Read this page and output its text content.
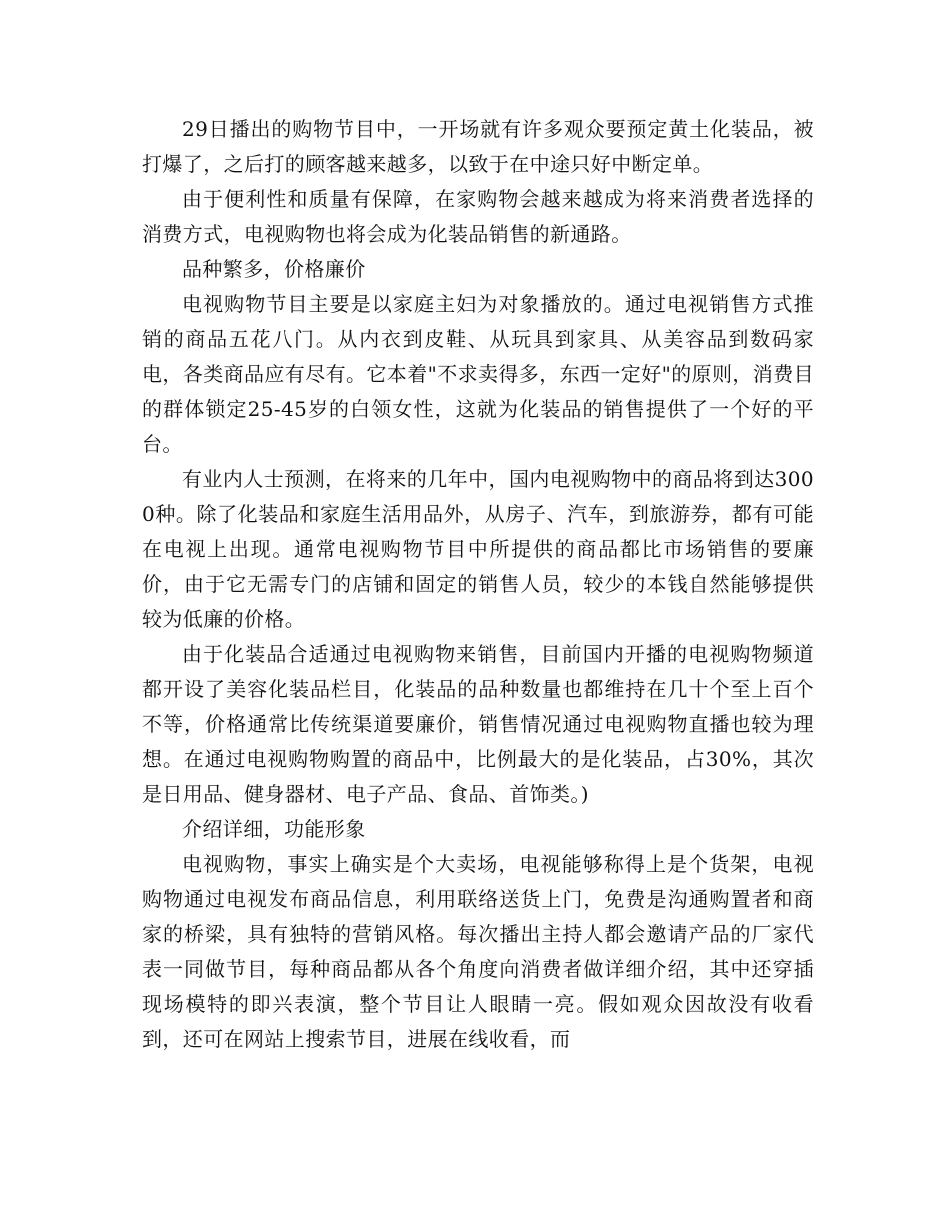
29日播出的购物节目中，一开场就有许多观众要预定黄土化装品，被打爆了，之后打的顾客越来越多，以致于在中途只好中断定单。

由于便利性和质量有保障，在家购物会越来越成为将来消费者选择的消费方式，电视购物也将会成为化装品销售的新通路。

品种繁多，价格廉价

电视购物节目主要是以家庭主妇为对象播放的。通过电视销售方式推销的商品五花八门。从内衣到皮鞋、从玩具到家具、从美容品到数码家电，各类商品应有尽有。它本着"不求卖得多，东西一定好"的原则，消费目的群体锁定25-45岁的白领女性，这就为化装品的销售提供了一个好的平台。

有业内人士预测，在将来的几年中，国内电视购物中的商品将到达3000种。除了化装品和家庭生活用品外，从房子、汽车，到旅游券，都有可能在电视上出现。通常电视购物节目中所提供的商品都比市场销售的要廉价，由于它无需专门的店铺和固定的销售人员，较少的本钱自然能够提供较为低廉的价格。

由于化装品合适通过电视购物来销售，目前国内开播的电视购物频道都开设了美容化装品栏目，化装品的品种数量也都维持在几十个至上百个不等，价格通常比传统渠道要廉价，销售情况通过电视购物直播也较为理想。在通过电视购物购置的商品中，比例最大的是化装品，占30%，其次是日用品、健身器材、电子产品、食品、首饰类。)

介绍详细，功能形象

电视购物，事实上确实是个大卖场，电视能够称得上是个货架，电视购物通过电视发布商品信息，利用联络送货上门，免费是沟通购置者和商家的桥梁，具有独特的营销风格。每次播出主持人都会邀请产品的厂家代表一同做节目，每种商品都从各个角度向消费者做详细介绍，其中还穿插现场模特的即兴表演，整个节目让人眼睛一亮。假如观众因故没有收看到，还可在网站上搜索节目，进展在线收看，而
